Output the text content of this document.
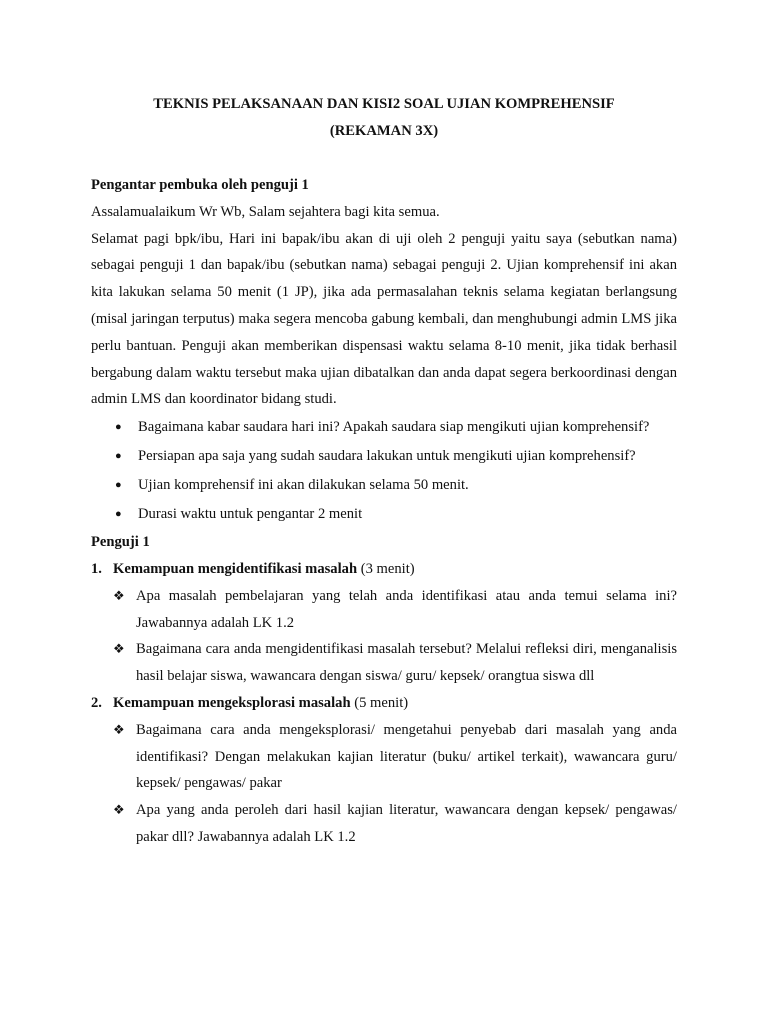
TEKNIS PELAKSANAAN DAN KISI2 SOAL UJIAN KOMPREHENSIF
(REKAMAN 3X)

Pengantar pembuka oleh penguji 1

Assalamualaikum Wr Wb, Salam sejahtera bagi kita semua.

Selamat pagi bpk/ibu, Hari ini bapak/ibu akan di uji oleh 2 penguji yaitu saya (sebutkan nama) sebagai penguji 1 dan bapak/ibu (sebutkan nama) sebagai penguji 2. Ujian komprehensif ini akan kita lakukan selama 50 menit (1 JP), jika ada permasalahan teknis selama kegiatan berlangsung (misal jaringan terputus) maka segera mencoba gabung kembali, dan menghubungi admin LMS jika perlu bantuan. Penguji akan memberikan dispensasi waktu selama 8-10 menit, jika tidak berhasil bergabung dalam waktu tersebut maka ujian dibatalkan dan anda dapat segera berkoordinasi dengan admin LMS dan koordinator bidang studi.

● Bagaimana kabar saudara hari ini? Apakah saudara siap mengikuti ujian komprehensif?
● Persiapan apa saja yang sudah saudara lakukan untuk mengikuti ujian komprehensif?
● Ujian komprehensif ini akan dilakukan selama 50 menit.
● Durasi waktu untuk pengantar 2 menit

Penguji 1

1. Kemampuan mengidentifikasi masalah (3 menit)
❖ Apa masalah pembelajaran yang telah anda identifikasi atau anda temui selama ini? Jawabannya adalah LK 1.2
❖ Bagaimana cara anda mengidentifikasi masalah tersebut? Melalui refleksi diri, menganalisis hasil belajar siswa, wawancara dengan siswa/ guru/ kepsek/ orangtua siswa dll
2. Kemampuan mengeksplorasi masalah (5 menit)
❖ Bagaimana cara anda mengeksplorasi/ mengetahui penyebab dari masalah yang anda identifikasi? Dengan melakukan kajian literatur (buku/ artikel terkait), wawancara guru/ kepsek/ pengawas/ pakar
❖ Apa yang anda peroleh dari hasil kajian literatur, wawancara dengan kepsek/ pengawas/ pakar dll? Jawabannya adalah LK 1.2
